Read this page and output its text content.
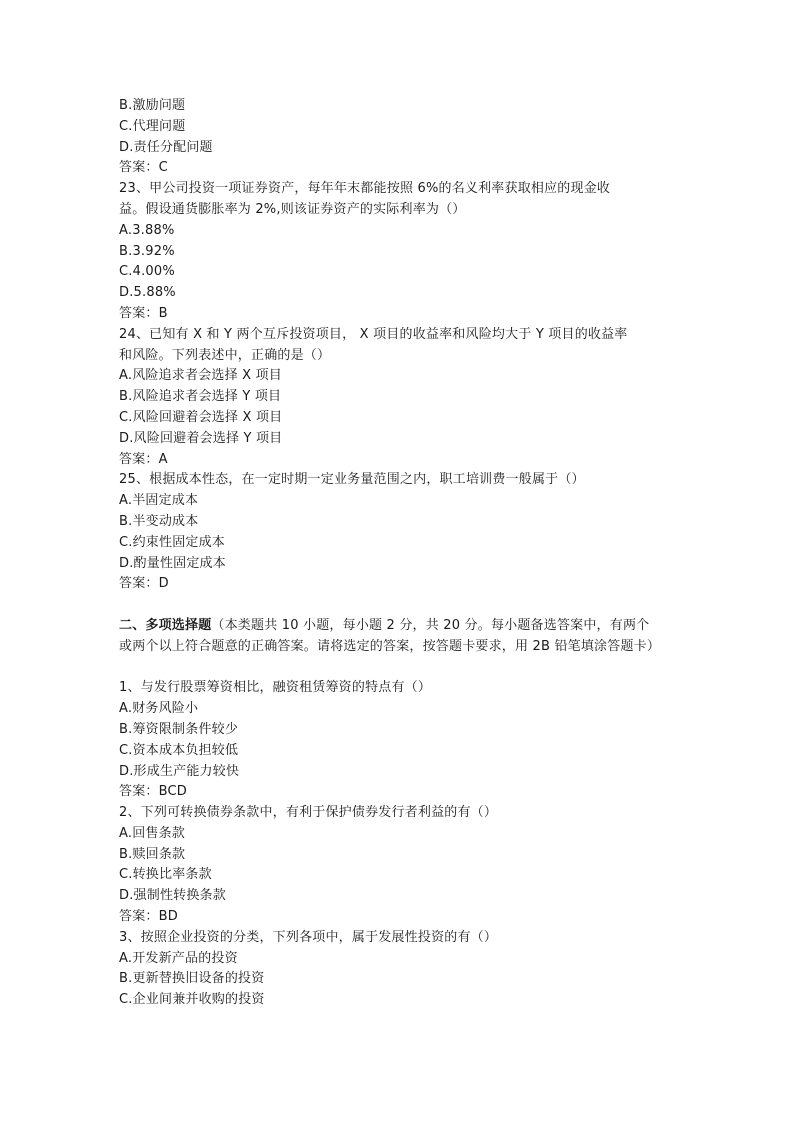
B.激励问题
C.代理问题
D.责任分配问题
答案：C
23、甲公司投资一项证券资产，每年年末都能按照 6%的名义利率获取相应的现金收
益。假设通货膨胀率为 2%,则该证券资产的实际利率为（）
A.3.88%
B.3.92%
C.4.00%
D.5.88%
答案：B
24、已知有 X 和 Y 两个互斥投资项目， X 项目的收益率和风险均大于 Y 项目的收益率
和风险。下列表述中，正确的是（）
A.风险追求者会选择 X 项目
B.风险追求者会选择 Y 项目
C.风险回避着会选择 X 项目
D.风险回避着会选择 Y 项目
答案：A
25、根据成本性态，在一定时期一定业务量范围之内，职工培训费一般属于（）
A.半固定成本
B.半变动成本
C.约束性固定成本
D.酌量性固定成本
答案：D
二、多项选择题（本类题共 10 小题，每小题 2 分，共 20 分。每小题备选答案中，有两个
或两个以上符合题意的正确答案。请将选定的答案，按答题卡要求，用 2B 铅笔填涂答题卡）
1、与发行股票筹资相比，融资租赁筹资的特点有（）
A.财务风险小
B.筹资限制条件较少
C.资本成本负担较低
D.形成生产能力较快
答案：BCD
2、下列可转换债券条款中，有利于保护债券发行者利益的有（）
A.回售条款
B.赎回条款
C.转换比率条款
D.强制性转换条款
答案：BD
3、按照企业投资的分类，下列各项中，属于发展性投资的有（）
A.开发新产品的投资
B.更新替换旧设备的投资
C.企业间兼并收购的投资
